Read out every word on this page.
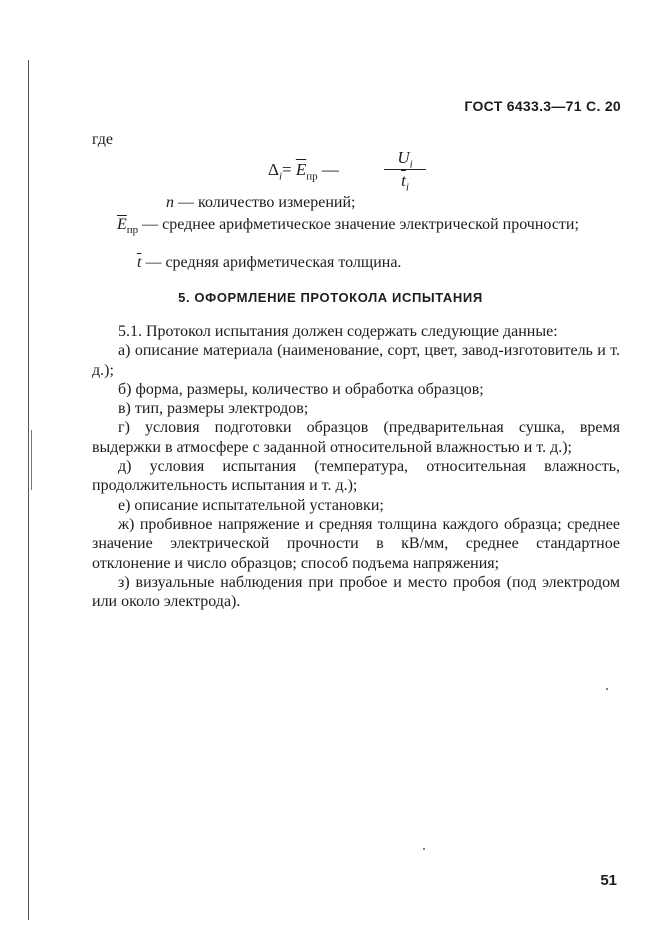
ГОСТ 6433.3—71 С. 20
где
$\Delta_i= \overline{E}_{пр}$ —
$U_i$
$\overline{t}_i$
n — количество измерений;
$\overline{E}_{пр}$ — среднее арифметическое значение электрической прочности;
$\overline{t}$ — средняя арифметическая толщина.
5. ОФОРМЛЕНИЕ ПРОТОКОЛА ИСПЫТАНИЯ

5.1. Протокол испытания должен содержать следующие данные:

а) описание материала (наименование, сорт, цвет, завод-изготовитель и т. д.);

б) форма, размеры, количество и обработка образцов;

в) тип, размеры электродов;

г) условия подготовки образцов (предварительная сушка, время выдержки в атмосфере с заданной относительной влажностью и т. д.);

д) условия испытания (температура, относительная влажность, продолжительность испытания и т. д.);

е) описание испытательной установки;

ж) пробивное напряжение и средняя толщина каждого образца; среднее значение электрической прочности в кВ/мм, среднее стандартное отклонение и число образцов; способ подъема напряжения;

з) визуальные наблюдения при пробое и место пробоя (под электродом или около электрода).

51
